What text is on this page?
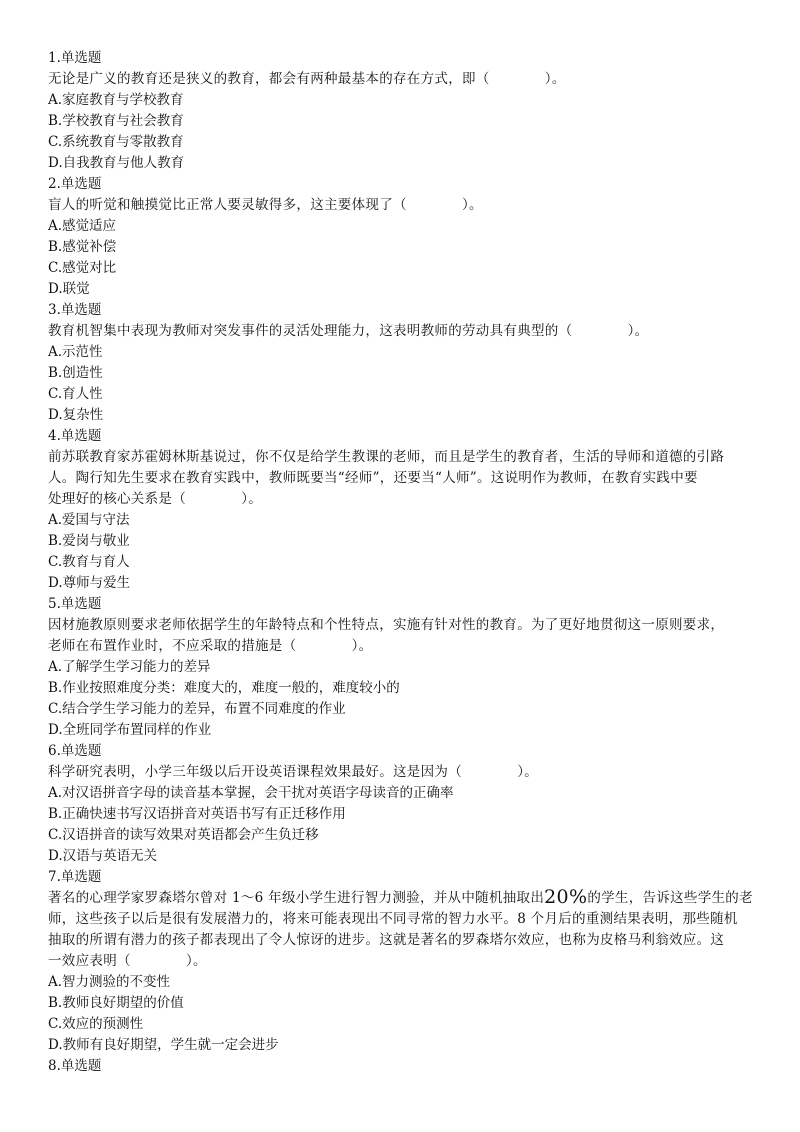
1.单选题
无论是广义的教育还是狭义的教育，都会有两种最基本的存在方式，即（　　　　）。
A.家庭教育与学校教育
B.学校教育与社会教育
C.系统教育与零散教育
D.自我教育与他人教育
2.单选题
盲人的听觉和触摸觉比正常人要灵敏得多，这主要体现了（　　　　）。
A.感觉适应
B.感觉补偿
C.感觉对比
D.联觉
3.单选题
教育机智集中表现为教师对突发事件的灵活处理能力，这表明教师的劳动具有典型的（　　　　）。
A.示范性
B.创造性
C.育人性
D.复杂性
4.单选题
前苏联教育家苏霍姆林斯基说过，你不仅是给学生教课的老师，而且是学生的教育者，生活的导师和道德的引路
人。陶行知先生要求在教育实践中，教师既要当“经师”，还要当“人师”。这说明作为教师，在教育实践中要
处理好的核心关系是（　　　　）。
A.爱国与守法
B.爱岗与敬业
C.教育与育人
D.尊师与爱生
5.单选题
因材施教原则要求老师依据学生的年龄特点和个性特点，实施有针对性的教育。为了更好地贯彻这一原则要求，
老师在布置作业时，不应采取的措施是（　　　　）。
A.了解学生学习能力的差异
B.作业按照难度分类：难度大的，难度一般的，难度较小的
C.结合学生学习能力的差异，布置不同难度的作业
D.全班同学布置同样的作业
6.单选题
科学研究表明，小学三年级以后开设英语课程效果最好。这是因为（　　　　）。
A.对汉语拼音字母的读音基本掌握，会干扰对英语字母读音的正确率
B.正确快速书写汉语拼音对英语书写有正迁移作用
C.汉语拼音的读写效果对英语都会产生负迁移
D.汉语与英语无关
7.单选题
著名的心理学家罗森塔尔曾对 1～6 年级小学生进行智力测验，并从中随机抽取出20%的学生，告诉这些学生的老
师，这些孩子以后是很有发展潜力的，将来可能表现出不同寻常的智力水平。8 个月后的重测结果表明，那些随机
抽取的所谓有潜力的孩子都表现出了令人惊讶的进步。这就是著名的罗森塔尔效应，也称为皮格马利翁效应。这
一效应表明（　　　　）。
A.智力测验的不变性
B.教师良好期望的价值
C.效应的预测性
D.教师有良好期望，学生就一定会进步
8.单选题
